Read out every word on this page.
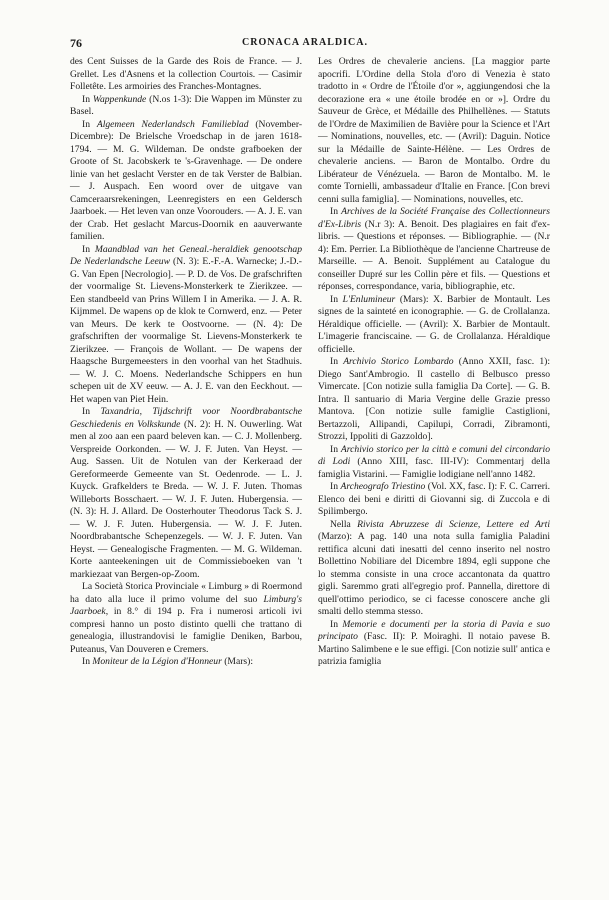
76	CRONACA ARALDICA.

des Cent Suisses de la Garde des Rois de France. — J. Grellet. Les d'Asnens et la collection Courtois. — Casimir Folletête. Les armoiries des Franches-Montagnes.

In Wappenkunde (N.os 1-3): Die Wappen im Münster zu Basel.

In Algemeen Nederlandsch Familieblad (November-Dicembre): De Brielsche Vroedschap in de jaren 1618-1794. — M. G. Wildeman. De ondste grafboeken der Groote of St. Jacobskerk te 's-Gravenhage. — De ondere linie van het geslacht Verster en de tak Verster de Balbian. — J. Auspach. Een woord over de uitgave van Camceraarsrekeningen, Leenregisters en een Geldersch Jaarboek. — Het leven van onze Voorouders. — A. J. E. van der Crab. Het geslacht Marcus-Doornik en aauverwante familien.

In Maandblad van het Geneal.-heraldiek genootschap De Nederlandsche Leeuw (N. 3): E.-F.-A. Warnecke; J.-D.-G. Van Epen [Necrologio]. — P. D. de Vos. De grafschriften der voormalige St. Lievens-Monsterkerk te Zierikzee. — Een standbeeld van Prins Willem I in Amerika. — J. A. R. Kijmmel. De wapens op de klok te Cornwerd, enz. — Peter van Meurs. De kerk te Oostvoorne. — (N. 4): De grafschriften der voormalige St. Lievens-Monsterkerk te Zierikzee. — François de Wollant. — De wapens der Haagsche Burgemeesters in den voorhal van het Stadhuis. — W. J. C. Moens. Nederlandsche Schippers en hun schepen uit de XV eeuw. — A. J. E. van den Eeckhout. — Het wapen van Piet Hein.

In Taxandria, Tijdschrift voor Noordbrabantsche Geschiedenis en Volkskunde (N. 2): H. N. Ouwerling. Wat men al zoo aan een paard beleven kan. — C. J. Mollenberg. Verspreide Oorkonden. — W. J. F. Juten. Van Heyst. — Aug. Sassen. Uit de Notulen van der Kerkeraad der Gereformeerde Gemeente van St. Oedenrode. — L. J. Kuyck. Grafkelders te Breda. — W. J. F. Juten. Thomas Willeborts Bosschaert. — W. J. F. Juten. Hubergensia. — (N. 3): H. J. Allard. De Oosterhouter Theodorus Tack S. J. — W. J. F. Juten. Hubergensia. — W. J. F. Juten. Noordbrabantsche Schepenzegels. — W. J. F. Juten. Van Heyst. — Genealogische Fragmenten. — M. G. Wildeman. Korte aanteekeningen uit de Commissieboeken van 't markiezaat van Bergen-op-Zoom.

La Società Storica Provinciale « Limburg » di Roermond ha dato alla luce il primo volume del suo Limburg's Jaarboek, in 8.° di 194 p. Fra i numerosi articoli ivi compresi hanno un posto distinto quelli che trattano di genealogia, illustrandovisi le famiglie Deniken, Barbou, Puteanus, Van Douveren e Cremers.

In Moniteur de la Légion d'Honneur (Mars):

Les Ordres de chevalerie anciens. [La maggior parte apocrifi. L'Ordine della Stola d'oro di Venezia è stato tradotto in « Ordre de l'Étoile d'or », aggiungendosi che la decorazione era « une étoile brodée en or »]. Ordre du Sauveur de Grèce, et Médaille des Philhellènes. — Statuts de l'Ordre de Maximilien de Bavière pour la Science et l'Art — Nominations, nouvelles, etc. — (Avril): Daguin. Notice sur la Médaille de Sainte-Hélène. — Les Ordres de chevalerie anciens. — Baron de Montalbo. Ordre du Libérateur de Vénézuela. — Baron de Montalbo. M. le comte Tornielli, ambassadeur d'Italie en France. [Con brevi cenni sulla famiglia]. — Nominations, nouvelles, etc.

In Archives de la Société Française des Collectionneurs d'Ex-Libris (N.r 3): A. Benoit. Des plagiaires en fait d'ex-libris. — Questions et réponses. — Bibliographie. — (N.r 4): Em. Perrier. La Bibliothèque de l'ancienne Chartreuse de Marseille. — A. Benoit. Supplément au Catalogue du conseiller Dupré sur les Collin père et fils. — Questions et réponses, correspondance, varia, bibliographie, etc.

In L'Enlumineur (Mars): X. Barbier de Montault. Les signes de la sainteté en iconographie. — G. de Crollalanza. Héraldique officielle. — (Avril): X. Barbier de Montault. L'imagerie franciscaine. — G. de Crollalanza. Héraldique officielle.

In Archivio Storico Lombardo (Anno XXII, fasc. 1): Diego Sant'Ambrogio. Il castello di Belbusco presso Vimercate. [Con notizie sulla famiglia Da Corte]. — G. B. Intra. Il santuario di Maria Vergine delle Grazie presso Mantova. [Con notizie sulle famiglie Castiglioni, Bertazzoli, Allipandi, Capilupi, Corradi, Zibramonti, Strozzi, Ippoliti di Gazzoldo].

In Archivio storico per la città e comuni del circondario di Lodi (Anno XIII, fasc. III-IV): Commentarj della famiglia Vistarini. — Famiglie lodigiane nell'anno 1482.

In Archeografo Triestino (Vol. XX, fasc. I): F. C. Carreri. Elenco dei beni e diritti di Giovanni sig. di Zuccola e di Spilimbergo.

Nella Rivista Abruzzese di Scienze, Lettere ed Arti (Marzo): A pag. 140 una nota sulla famiglia Paladini rettifica alcuni dati inesatti del cenno inserito nel nostro Bollettino Nobiliare del Dicembre 1894, egli suppone che lo stemma consiste in una croce accantonata da quattro gigli. Saremmo grati all'egregio prof. Pannella, direttore di quell'ottimo periodico, se ci facesse conoscere anche gli smalti dello stemma stesso.

In Memorie e documenti per la storia di Pavia e suo principato (Fasc. II): P. Moiraghi. Il notaio pavese B. Martino Salimbene e le sue effigi. [Con notizie sull' antica e patrizia famiglia
